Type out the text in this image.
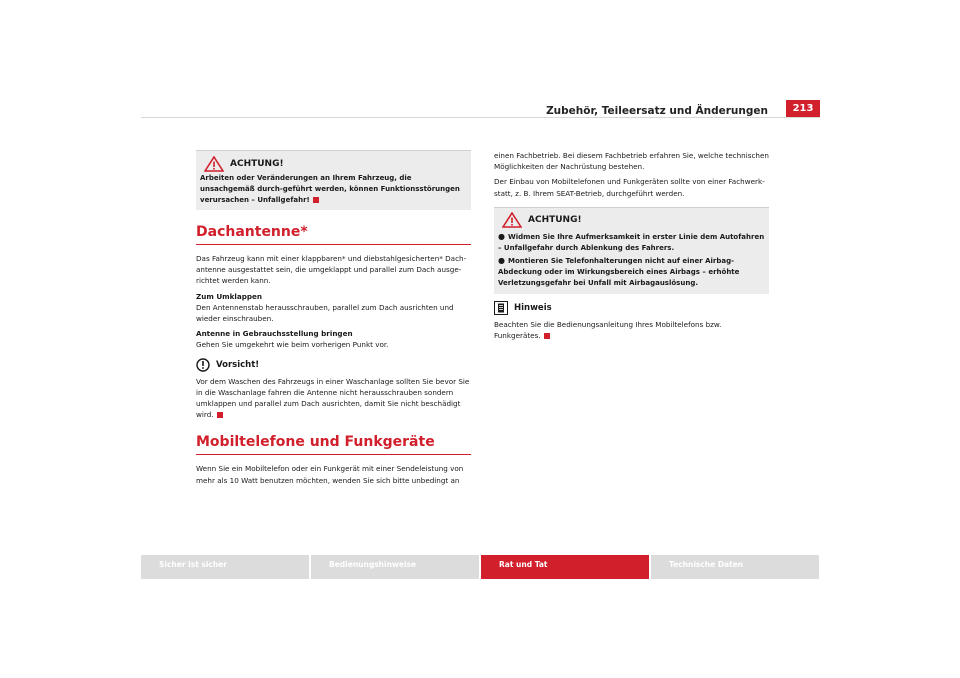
Zubehör, Teileersatz und Änderungen	213
ACHTUNG!

Arbeiten oder Veränderungen an Ihrem Fahrzeug, die unsachgemäß durch-geführt werden, können Funktionsstörungen verursachen – Unfallgefahr!

Dachantenne*

Das Fahrzeug kann mit einer klappbaren* und diebstahlgesicherten* Dach-antenne ausgestattet sein, die umgeklappt und parallel zum Dach ausge-richtet werden kann.

Zum Umklappen

Den Antennenstab herausschrauben, parallel zum Dach ausrichten und wieder einschrauben.

Antenne in Gebrauchsstellung bringen

Gehen Sie umgekehrt wie beim vorherigen Punkt vor.

Vorsicht!

Vor dem Waschen des Fahrzeugs in einer Waschanlage sollten Sie bevor Sie in die Waschanlage fahren die Antenne nicht herausschrauben sondern umklappen und parallel zum Dach ausrichten, damit Sie nicht beschädigt wird.

Mobiltelefone und Funkgeräte

Wenn Sie ein Mobiltelefon oder ein Funkgerät mit einer Sendeleistung von mehr als 10 Watt benutzen möchten, wenden Sie sich bitte unbedingt an

einen Fachbetrieb. Bei diesem Fachbetrieb erfahren Sie, welche technischen Möglichkeiten der Nachrüstung bestehen.

Der Einbau von Mobiltelefonen und Funkgeräten sollte von einer Fachwerk-statt, z. B. Ihrem SEAT-Betrieb, durchgeführt werden.

ACHTUNG!

● Widmen Sie Ihre Aufmerksamkeit in erster Linie dem Autofahren – Unfallgefahr durch Ablenkung des Fahrers.

● Montieren Sie Telefonhalterungen nicht auf einer Airbag-Abdeckung oder im Wirkungsbereich eines Airbags – erhöhte Verletzungsgefahr bei Unfall mit Airbagauslösung.

Hinweis

Beachten Sie die Bedienungsanleitung Ihres Mobiltelefons bzw. Funkgerätes.

Sicher ist sicher	Bedienungshinweise	Rat und Tat	Technische Daten
